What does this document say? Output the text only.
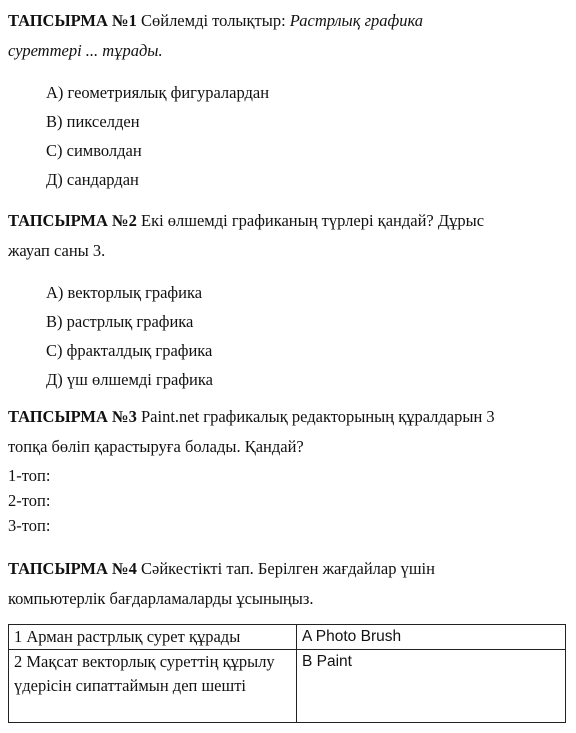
ТАПСЫРМА №1 Сөйлемді толықтыр: Растрлық графика
суреттері ... тұрады.
А) геометриялық фигуралардан
В) пикселден
С) символдан
Д) сандардан
ТАПСЫРМА №2 Екі өлшемді графиканың түрлері қандай? Дұрыс
жауап саны 3.
А) векторлық графика
В) растрлық графика
С) фракталдық графика
Д) үш өлшемді графика
ТАПСЫРМА №3 Paint.net графикалық редакторының құралдарын 3
топқа бөліп қарастыруға болады. Қандай?
1-топ:
2-топ:
3-топ:
ТАПСЫРМА №4 Сәйкестікті тап. Берілген жағдайлар үшін
компьютерлік бағдарламаларды ұсыныңыз.
1 Арман растрлық сурет құрады	A Photo Brush
2 Мақсат векторлық суреттің құрылу үдерісін сипаттаймын деп шешті	B Paint
